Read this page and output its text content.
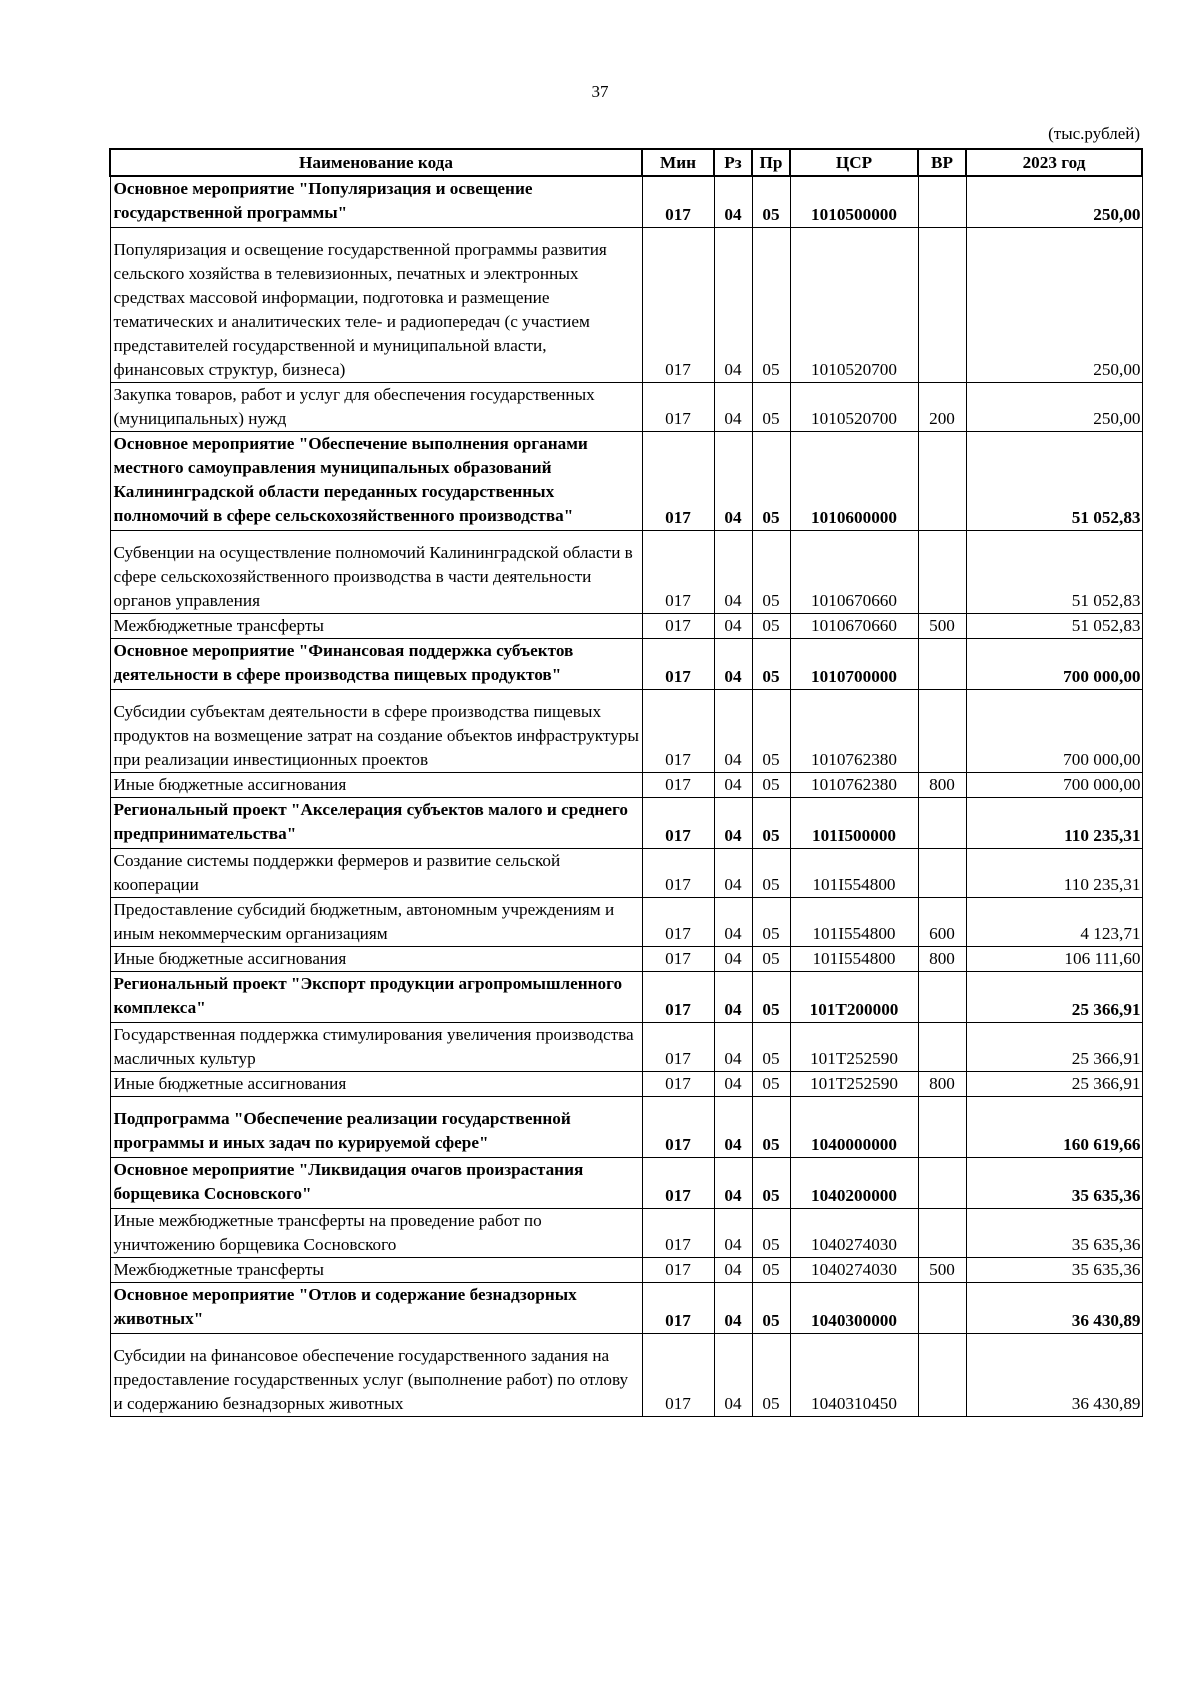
37
(тыс.рублей)
Наименование кода	Мин	Рз	Пр	ЦСР	ВР	2023 год
Основное мероприятие "Популяризация и освещение государственной программы"	017	04	05	1010500000		250,00
Популяризация и освещение государственной программы развития сельского хозяйства в телевизионных, печатных и электронных средствах массовой информации, подготовка и размещение тематических и аналитических теле- и радиопередач (с участием представителей государственной и муниципальной власти, финансовых структур, бизнеса)	017	04	05	1010520700		250,00
Закупка товаров, работ и услуг для обеспечения государственных (муниципальных) нужд	017	04	05	1010520700	200	250,00
Основное мероприятие "Обеспечение выполнения органами местного самоуправления муниципальных образований Калининградской области переданных государственных полномочий в сфере сельскохозяйственного производства"	017	04	05	1010600000		51 052,83
Субвенции на осуществление полномочий Калининградской области в сфере сельскохозяйственного производства в части деятельности органов управления	017	04	05	1010670660		51 052,83
Межбюджетные трансферты	017	04	05	1010670660	500	51 052,83
Основное мероприятие "Финансовая поддержка субъектов деятельности в сфере производства пищевых продуктов"	017	04	05	1010700000		700 000,00
Субсидии субъектам деятельности в сфере производства пищевых продуктов на возмещение затрат на создание объектов инфраструктуры при реализации инвестиционных проектов	017	04	05	1010762380		700 000,00
Иные бюджетные ассигнования	017	04	05	1010762380	800	700 000,00
Региональный проект "Акселерация субъектов малого и среднего предпринимательства"	017	04	05	101I500000		110 235,31
Создание системы поддержки фермеров и развитие сельской кооперации	017	04	05	101I554800		110 235,31
Предоставление субсидий бюджетным, автономным учреждениям и иным некоммерческим организациям	017	04	05	101I554800	600	4 123,71
Иные бюджетные ассигнования	017	04	05	101I554800	800	106 111,60
Региональный проект "Экспорт продукции агропромышленного комплекса"	017	04	05	101T200000		25 366,91
Государственная поддержка стимулирования увеличения производства масличных культур	017	04	05	101T252590		25 366,91
Иные бюджетные ассигнования	017	04	05	101T252590	800	25 366,91
Подпрограмма "Обеспечение реализации государственной программы и иных задач по курируемой сфере"	017	04	05	1040000000		160 619,66
Основное мероприятие "Ликвидация очагов произрастания борщевика Сосновского"	017	04	05	1040200000		35 635,36
Иные межбюджетные трансферты на проведение работ по уничтожению борщевика Сосновского	017	04	05	1040274030		35 635,36
Межбюджетные трансферты	017	04	05	1040274030	500	35 635,36
Основное мероприятие "Отлов и содержание безнадзорных животных"	017	04	05	1040300000		36 430,89
Субсидии на финансовое обеспечение государственного задания на предоставление государственных услуг (выполнение работ) по отлову и содержанию безнадзорных животных	017	04	05	1040310450		36 430,89
